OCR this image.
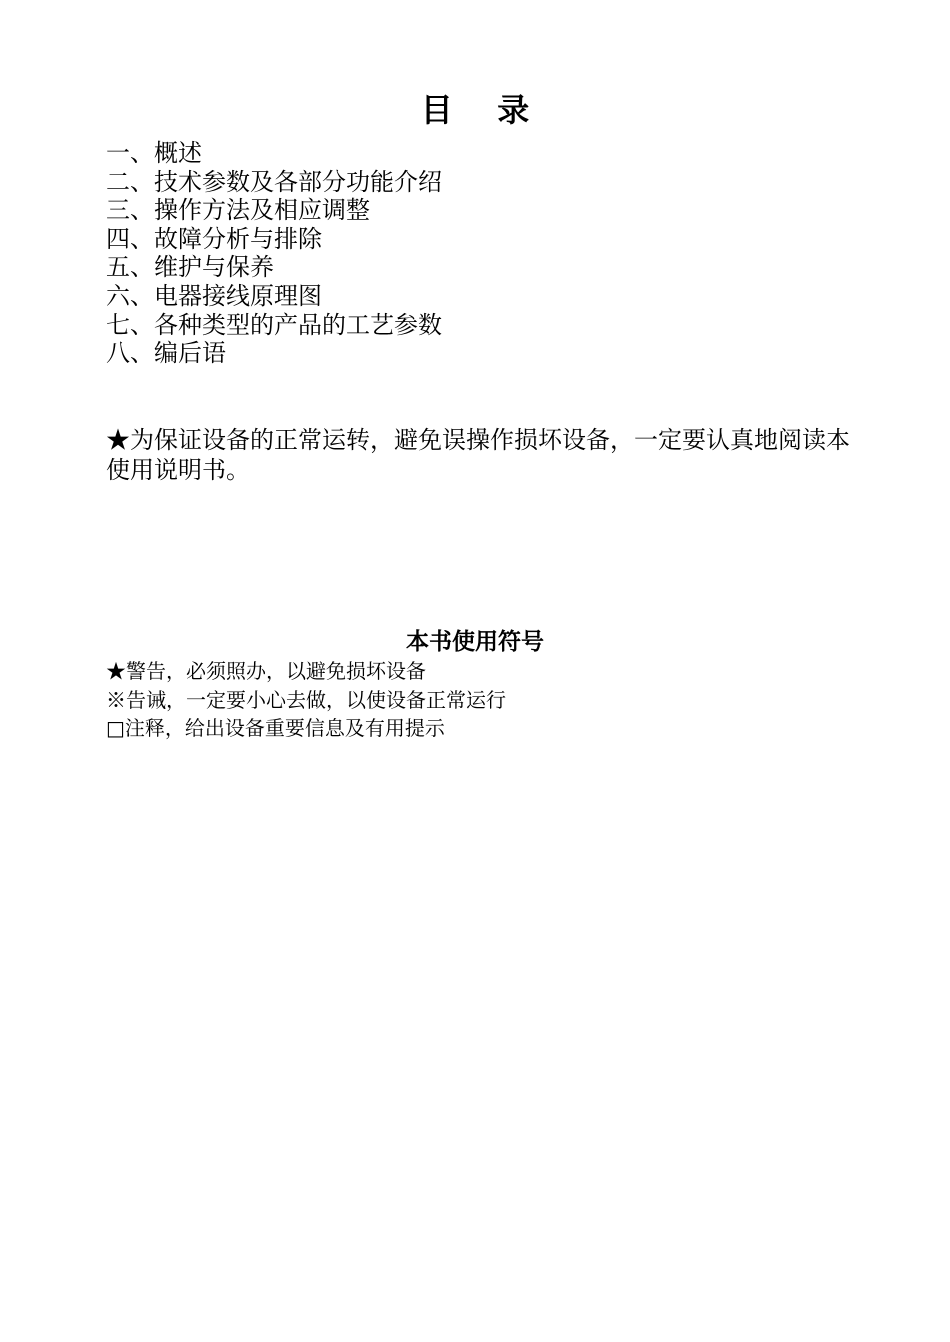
目    录
一、概述
二、技术参数及各部分功能介绍
三、操作方法及相应调整
四、故障分析与排除
五、维护与保养
六、电器接线原理图
七、各种类型的产品的工艺参数
八、编后语

★为保证设备的正常运转，避免误操作损坏设备，一定要认真地阅读本使用说明书。

本书使用符号
★警告，必须照办，以避免损坏设备
※告诫，一定要小心去做，以使设备正常运行
□注释，给出设备重要信息及有用提示
